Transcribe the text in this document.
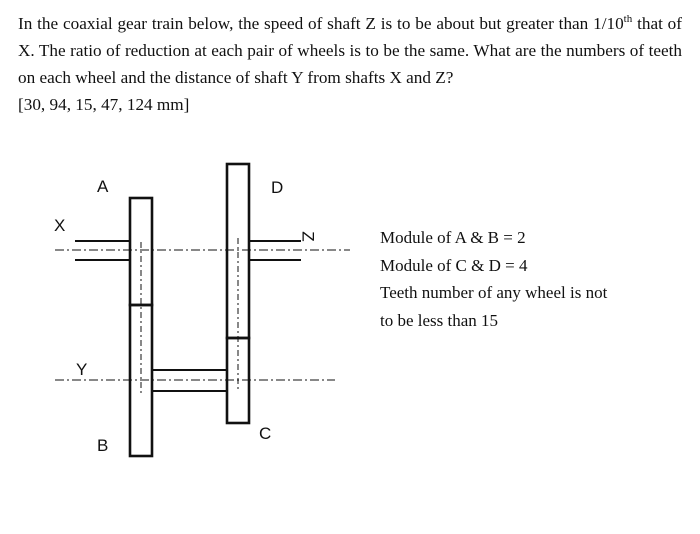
In the coaxial gear train below, the speed of shaft Z is to be about but greater than 1/10th that of X. The ratio of reduction at each pair of wheels is to be the same. What are the numbers of teeth on each wheel and the distance of shaft Y from shafts X and Z?
[30, 94, 15, 47, 124 mm]
A	D
X
Z
Y
C
B
Module of A & B = 2
Module of C & D = 4
Teeth number of any wheel is not
to be less than 15
